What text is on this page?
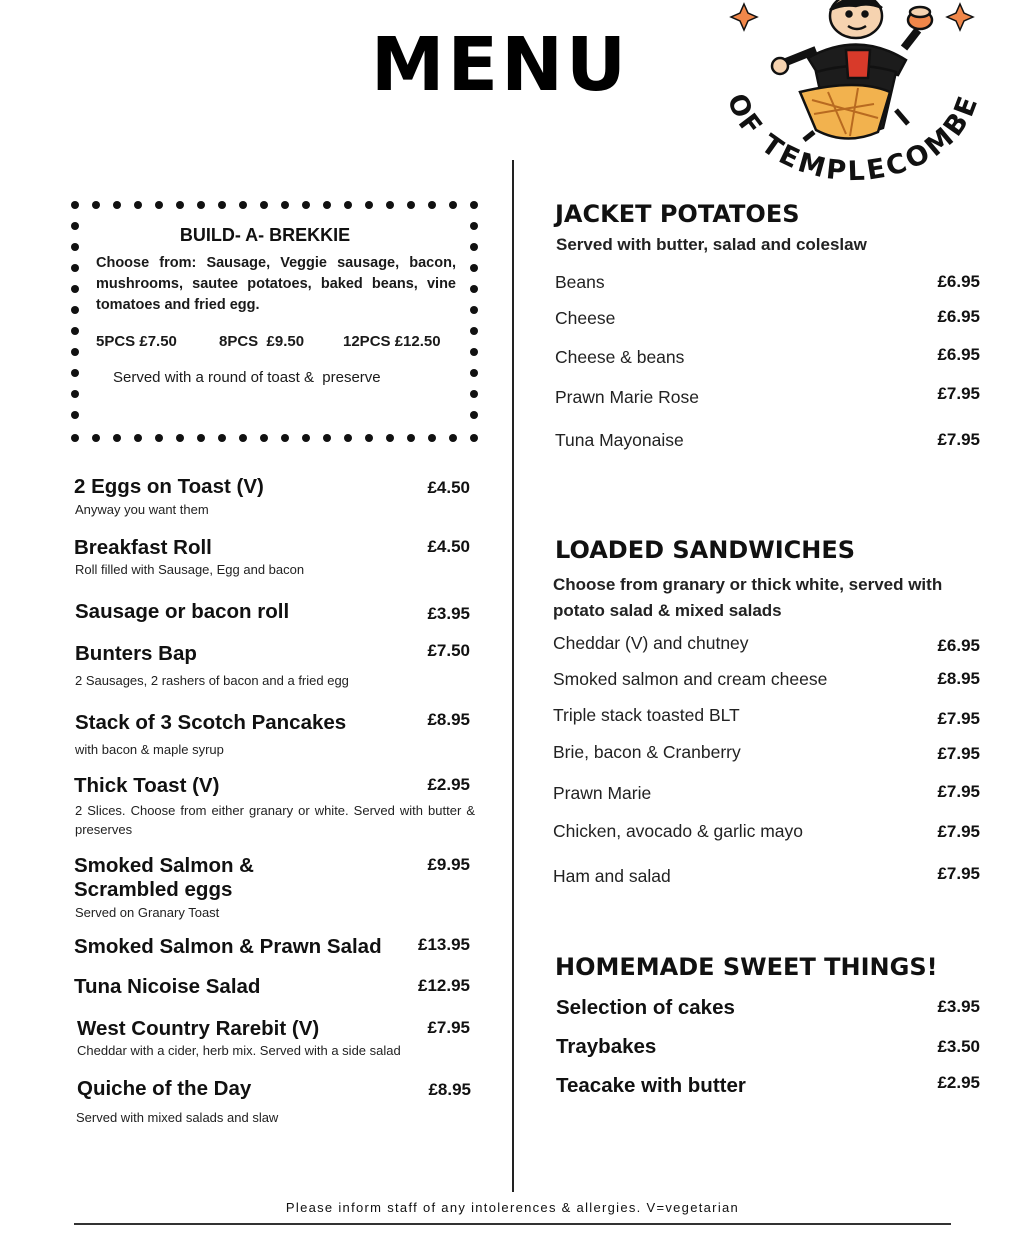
MENU	OF TEMPLECOMBE
BUILD- A- BREKKIE
Choose from: Sausage, Veggie sausage, bacon, mushrooms, sautee potatoes, baked beans, vine tomatoes and fried egg.
5PCS £7.50	8PCS  £9.50	12PCS £12.50
Served with a round of toast &  preserve
2 Eggs on Toast (V)	£4.50
Anyway you want them
Breakfast Roll	£4.50
Roll filled with Sausage, Egg and bacon
Sausage or bacon roll	£3.95
Bunters Bap	£7.50
2 Sausages, 2 rashers of bacon and a fried egg
Stack of 3 Scotch Pancakes	£8.95
with bacon & maple syrup
Thick Toast (V)	£2.95
2 Slices. Choose from either granary or white. Served with butter & preserves
Smoked Salmon & Scrambled eggs
£9.95
Served on Granary Toast
Smoked Salmon & Prawn Salad	£13.95
Tuna Nicoise Salad	£12.95
West Country Rarebit (V)	£7.95
Cheddar with a cider, herb mix. Served with a side salad
Quiche of the Day	£8.95
Served with mixed salads and slaw
JACKET POTATOES
Served with butter, salad and coleslaw
Beans	£6.95
Cheese	£6.95
Cheese & beans	£6.95
Prawn Marie Rose	£7.95
Tuna Mayonaise	£7.95
LOADED SANDWICHES
Choose from granary or thick white, served with
potato salad & mixed salads
Cheddar (V) and chutney	£6.95
Smoked salmon and cream cheese	£8.95
Triple stack toasted BLT	£7.95
Brie, bacon & Cranberry	£7.95
Prawn Marie	£7.95
Chicken, avocado & garlic mayo	£7.95
Ham and salad	£7.95
HOMEMADE SWEET THINGS!
Selection of cakes	£3.95
Traybakes	£3.50
Teacake with butter	£2.95
Please inform staff of any intolerences & allergies. V=vegetarian
